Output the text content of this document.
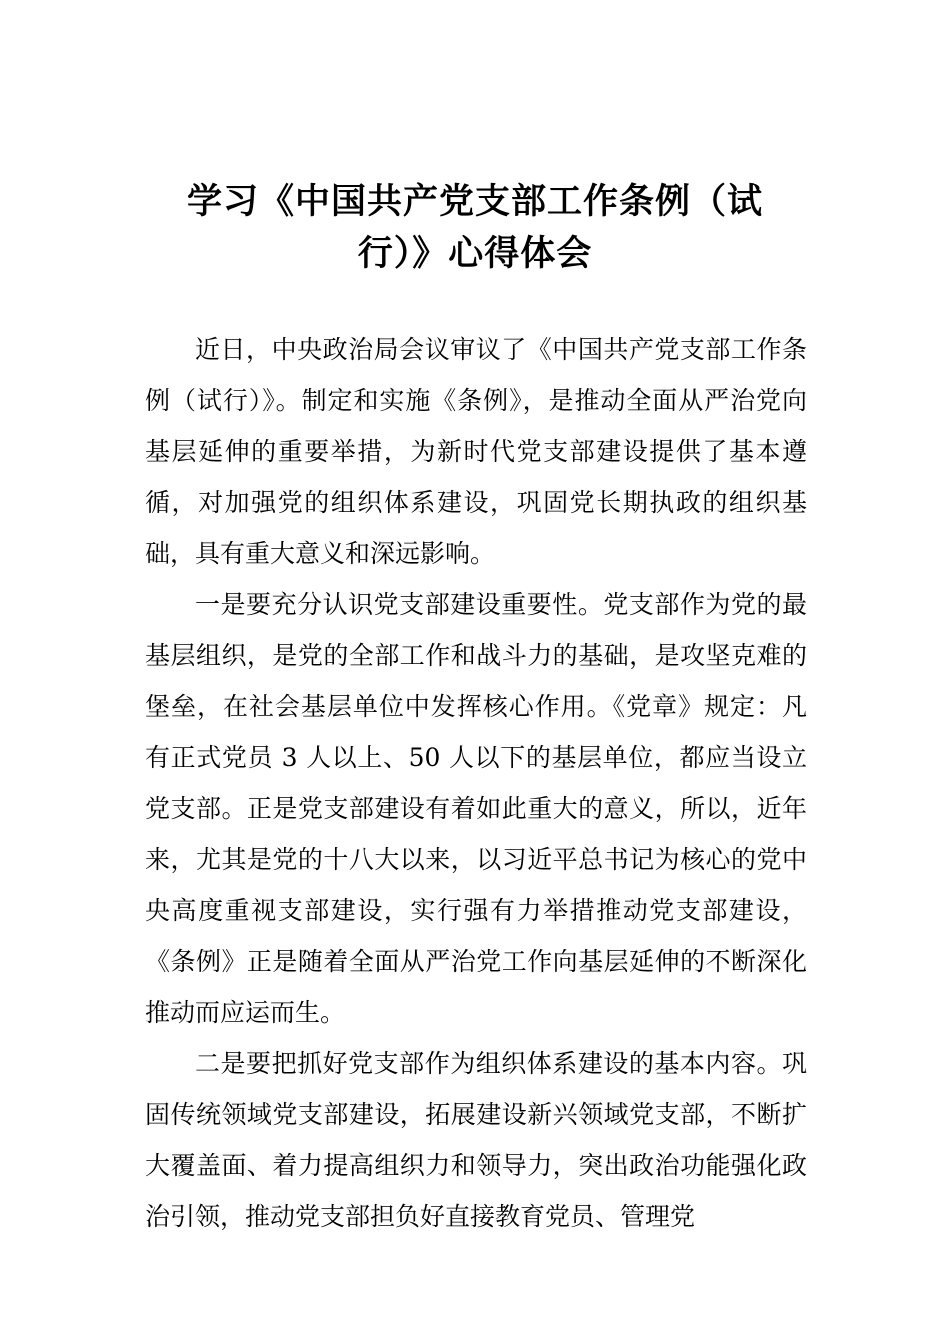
学习《中国共产党支部工作条例（试
行）》心得体会

近日，中央政治局会议审议了《中国共产党支部工作条例（试行）》。制定和实施《条例》，是推动全面从严治党向基层延伸的重要举措，为新时代党支部建设提供了基本遵循，对加强党的组织体系建设，巩固党长期执政的组织基础，具有重大意义和深远影响。

一是要充分认识党支部建设重要性。党支部作为党的最基层组织，是党的全部工作和战斗力的基础，是攻坚克难的堡垒，在社会基层单位中发挥核心作用。《党章》规定：凡有正式党员 3 人以上、50 人以下的基层单位，都应当设立党支部。正是党支部建设有着如此重大的意义，所以，近年来，尤其是党的十八大以来，以习近平总书记为核心的党中央高度重视支部建设，实行强有力举措推动党支部建设，《条例》正是随着全面从严治党工作向基层延伸的不断深化推动而应运而生。

二是要把抓好党支部作为组织体系建设的基本内容。巩固传统领域党支部建设，拓展建设新兴领域党支部，不断扩大覆盖面、着力提高组织力和领导力，突出政治功能强化政治引领，推动党支部担负好直接教育党员、管理党
